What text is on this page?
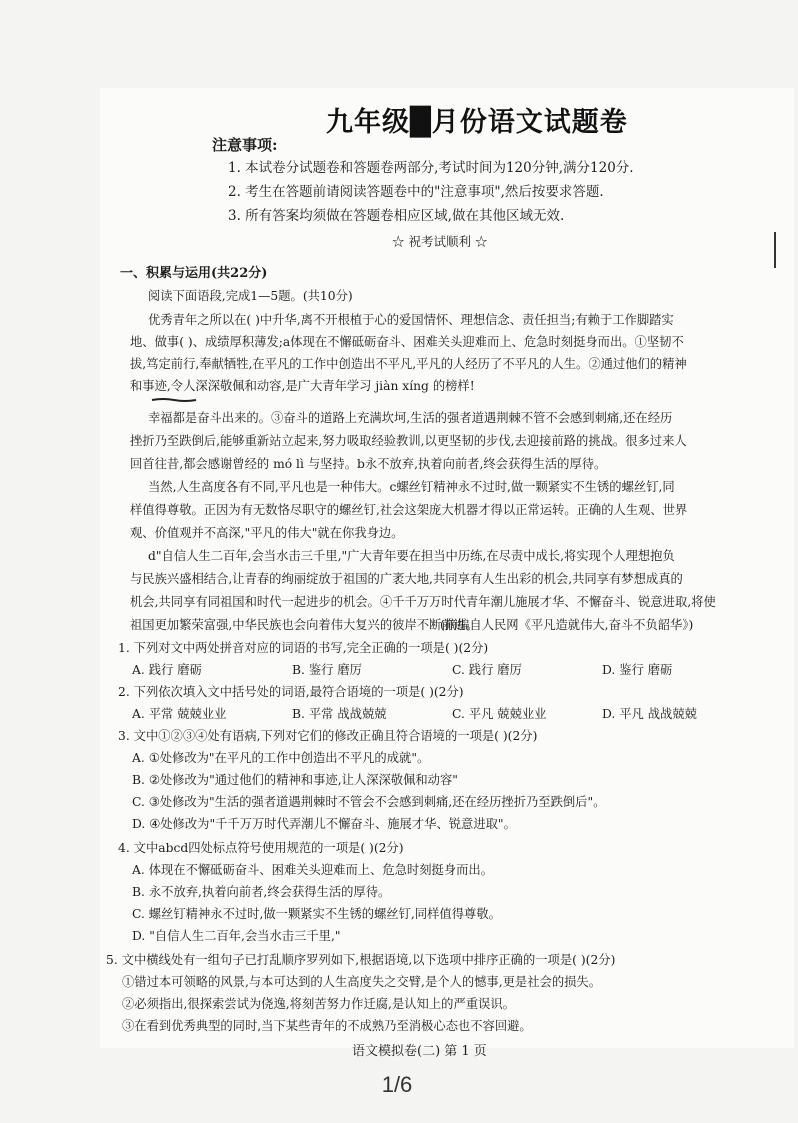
九年级█月份语文试题卷
注意事项:
1. 本试卷分试题卷和答题卷两部分,考试时间为120分钟,满分120分.
2. 考生在答题前请阅读答题卷中的"注意事项",然后按要求答题.
3. 所有答案均须做在答题卷相应区域,做在其他区域无效.
☆ 祝考试顺利 ☆
一、积累与运用(共22分)
阅读下面语段,完成1—5题。(共10分)
优秀青年之所以在( )中升华,离不开根植于心的爱国情怀、理想信念、责任担当;有赖于工作脚踏实
地、做事( )、成绩厚积薄发;a体现在不懈砥砺奋斗、困难关头迎难而上、危急时刻挺身而出。①坚韧不
拔,笃定前行,奉献牺牲,在平凡的工作中创造出不平凡,平凡的人经历了不平凡的人生。②通过他们的精神
和事迹,令人深深敬佩和动容,是广大青年学习 jiàn xíng 的榜样!
幸福都是奋斗出来的。③奋斗的道路上充满坎坷,生活的强者道遇荆棘不管不会感到刺痛,还在经历
挫折乃至跌倒后,能够重新站立起来,努力吸取经验教训,以更坚韧的步伐,去迎接前路的挑战。很多过来人
回首往昔,都会感谢曾经的 mó lì 与坚持。b永不放弃,执着向前者,终会获得生活的厚待。
当然,人生高度各有不同,平凡也是一种伟大。c螺丝钉精神永不过时,做一颗紧实不生锈的螺丝钉,同
样值得尊敬。正因为有无数恪尽职守的螺丝钉,社会这架庞大机器才得以正常运转。正确的人生观、世界
观、价值观并不高深,"平凡的伟大"就在你我身边。
d"自信人生二百年,会当水击三千里,"广大青年要在担当中历练,在尽责中成长,将实现个人理想抱负
与民族兴盛相结合,让青春的绚丽绽放于祖国的广袤大地,共同享有人生出彩的机会,共同享有梦想成真的
机会,共同享有同祖国和时代一起进步的机会。④千千万万时代青年潮儿施展才华、不懈奋斗、锐意进取,将使
祖国更加繁荣富强,中华民族也会向着伟大复兴的彼岸不断前进。
(摘编自人民网《平凡造就伟大,奋斗不负韶华》)
1. 下列对文中两处拼音对应的词语的书写,完全正确的一项是( )(2分)
A. 践行 磨砺	B. 鉴行 磨厉	C. 践行 磨厉	D. 鉴行 磨砺
2. 下列依次填入文中括号处的词语,最符合语境的一项是( )(2分)
A. 平常 兢兢业业	B. 平常 战战兢兢	C. 平凡 兢兢业业	D. 平凡 战战兢兢
3. 文中①②③④处有语病,下列对它们的修改正确且符合语境的一项是( )(2分)
A. ①处修改为"在平凡的工作中创造出不平凡的成就"。
B. ②处修改为"通过他们的精神和事迹,让人深深敬佩和动容"
C. ③处修改为"生活的强者道遇荆棘时不管会不会感到刺痛,还在经历挫折乃至跌倒后"。
D. ④处修改为"千千万万时代弄潮儿不懈奋斗、施展才华、锐意进取"。
4. 文中abcd四处标点符号使用规范的一项是( )(2分)
A. 体现在不懈砥砺奋斗、困难关头迎难而上、危急时刻挺身而出。
B. 永不放弃,执着向前者,终会获得生活的厚待。
C. 螺丝钉精神永不过时,做一颗紧实不生锈的螺丝钉,同样值得尊敬。
D. "自信人生二百年,会当水击三千里,"
5. 文中横线处有一组句子已打乱顺序罗列如下,根据语境,以下选项中排序正确的一项是( )(2分)
①错过本可领略的风景,与本可达到的人生高度失之交臂,是个人的憾事,更是社会的损失。
②必须指出,很探索尝试为侥逸,将刻苦努力作迁腐,是认知上的严重误识。
③在看到优秀典型的同时,当下某些青年的不成熟乃至消极心态也不容回避。
语文模拟卷(二) 第 1 页
1/6
